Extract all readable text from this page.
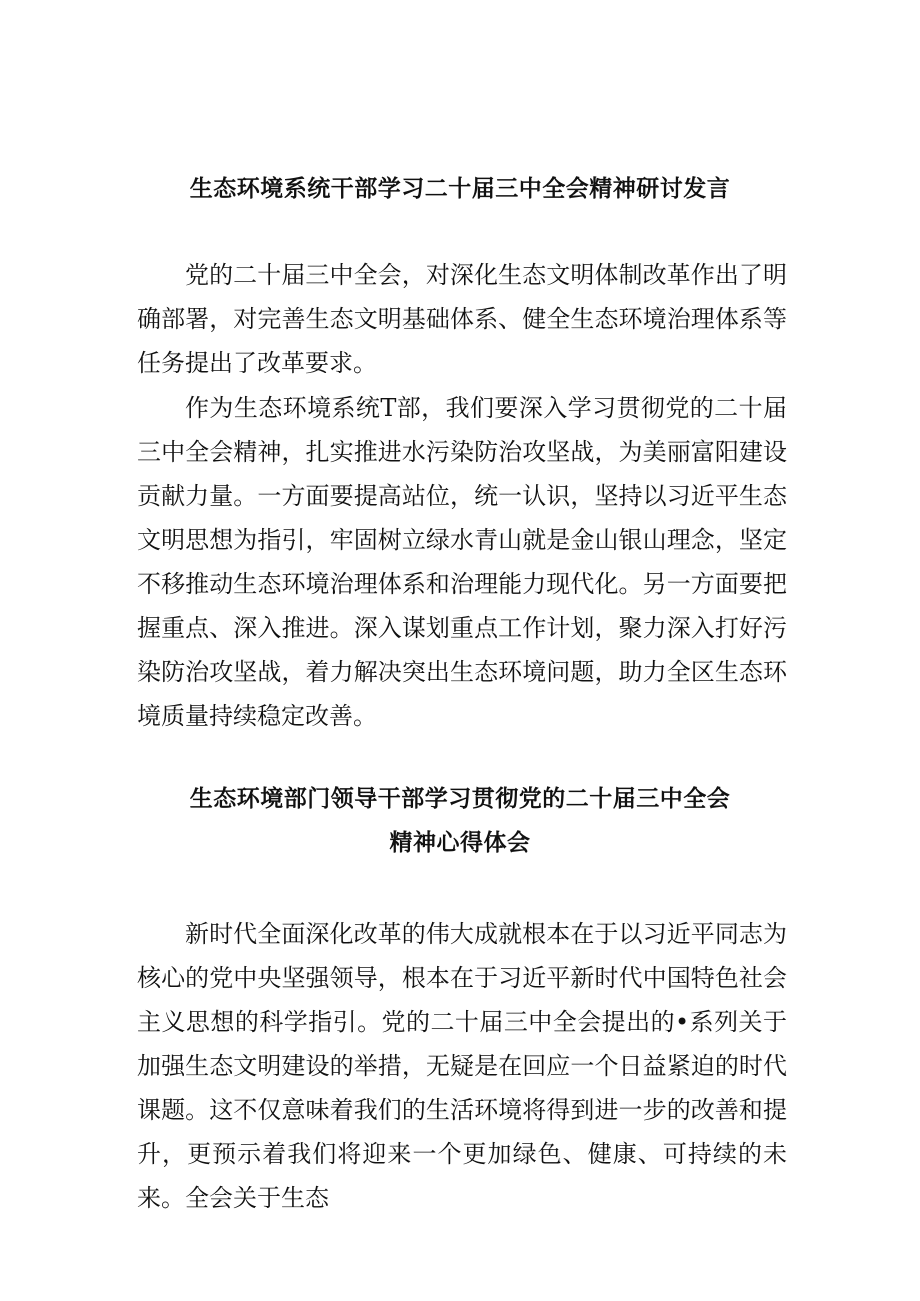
生态环境系统干部学习二十届三中全会精神研讨发言

党的二十届三中全会，对深化生态文明体制改革作出了明确部署，对完善生态文明基础体系、健全生态环境治理体系等任务提出了改革要求。

作为生态环境系统T部，我们要深入学习贯彻党的二十届三中全会精神，扎实推进水污染防治攻坚战，为美丽富阳建设贡献力量。一方面要提高站位，统一认识，坚持以习近平生态文明思想为指引，牢固树立绿水青山就是金山银山理念，坚定不移推动生态环境治理体系和治理能力现代化。另一方面要把握重点、深入推进。深入谋划重点工作计划，聚力深入打好污染防治攻坚战，着力解决突出生态环境问题，助力全区生态环境质量持续稳定改善。

生态环境部门领导干部学习贯彻党的二十届三中全会
精神心得体会

新时代全面深化改革的伟大成就根本在于以习近平同志为核心的党中央坚强领导，根本在于习近平新时代中国特色社会主义思想的科学指引。党的二十届三中全会提出的•系列关于加强生态文明建设的举措，无疑是在回应一个日益紧迫的时代课题。这不仅意味着我们的生活环境将得到进一步的改善和提升，更预示着我们将迎来一个更加绿色、健康、可持续的未来。全会关于生态
